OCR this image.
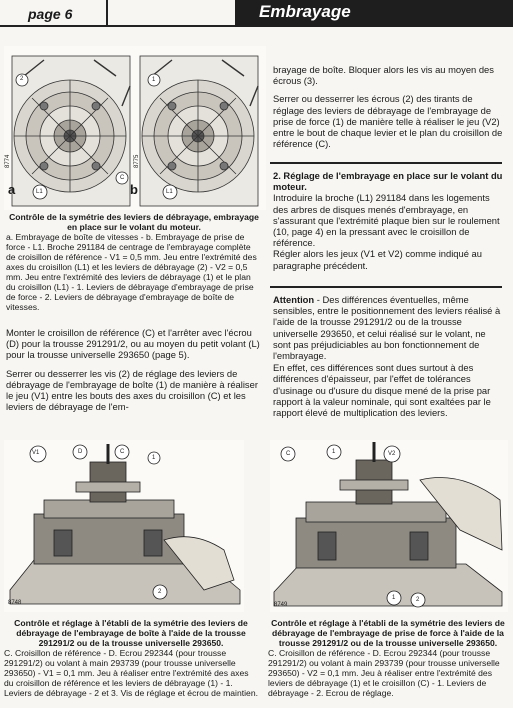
page 6	Embrayage
a	b
8774	8775
2	1
L1	L1
C
Contrôle de la symétrie des leviers de débrayage, embrayage en place sur le volant du moteur.
a. Embrayage de boîte de vitesses - b. Embrayage de prise de force - L1. Broche 291184 de centrage de l'embrayage complète de croisillon de référence - V1 = 0,5 mm. Jeu entre l'extrémité des axes du croisillon (L1) et les leviers de débrayage (2) - V2 = 0,5 mm. Jeu entre l'extrémité des leviers de débrayage (1) et le plan du croisillon (L1) - 1. Leviers de débrayage d'embrayage de prise de force - 2. Leviers de débrayage d'embrayage de boîte de vitesses.

Monter le croisillon de référence (C) et l'arrêter avec l'écrou (D) pour la trousse 291291/2, ou au moyen du petit volant (L) pour la trousse universelle 293650 (page 5).

Serrer ou desserrer les vis (2) de réglage des leviers de débrayage de l'embrayage de boîte (1) de manière à réaliser le jeu (V1) entre les bouts des axes du croisillon (C) et les leviers de débrayage de l'em-

brayage de boîte. Bloquer alors les vis au moyen des écrous (3).

Serrer ou desserrer les écrous (2) des tirants de réglage des leviers de débrayage de l'embrayage de prise de force (1) de manière telle à réaliser le jeu (V2) entre le bout de chaque levier et le plan du croisillon de référence (C).

2. Réglage de l'embrayage en place sur le volant du moteur.
Introduire la broche (L1) 291184 dans les logements des arbres de disques menés d'embrayage, en s'assurant que l'extrémité plaque bien sur le roulement (10, page 4) en la pressant avec le croisillon de référence.
Régler alors les jeux (V1 et V2) comme indiqué au paragraphe précédent.

Attention - Des différences éventuelles, même sensibles, entre le positionnement des leviers réalisé à l'aide de la trousse 291291/2 ou de la trousse universelle 293650, et celui réalisé sur le volant, ne sont pas préjudiciables au bon fonctionnement de l'embrayage.

En effet, ces différences sont dues surtout à des différences d'épaisseur, par l'effet de tolérances d'usinage ou d'usure du disque mené de la prise par rapport à la valeur nominale, qui sont exaltées par le rapport élevé de multiplication des leviers.

V1	D	C
1
2
8748
Contrôle et réglage à l'établi de la symétrie des leviers de débrayage de l'embrayage de boîte à l'aide de la trousse 291291/2 ou de la trousse universelle 293650.
C. Croisillon de référence - D. Ecrou 292344 (pour trousse 291291/2) ou volant à main 293739 (pour trousse universelle 293650) - V1 = 0,1 mm. Jeu à réaliser entre l'extrémité des axes du croisillon de référence et les leviers de débrayage (1) - 1. Leviers de débrayage - 2 et 3. Vis de réglage et écrou de maintien.
C	1	V2
1	2
8749
Contrôle et réglage à l'établi de la symétrie des leviers de débrayage de l'embrayage de prise de force à l'aide de la trousse 291291/2 ou de la trousse universelle 293650.
C. Croisillon de référence - D. Ecrou 292344 (pour trousse 291291/2) ou volant à main 293739 (pour trousse universelle 293650) - V2 = 0,1 mm. Jeu à réaliser entre l'extrémité des leviers de débrayage (1) et le croisillon (C) - 1. Leviers de débrayage - 2. Ecrou de réglage.
